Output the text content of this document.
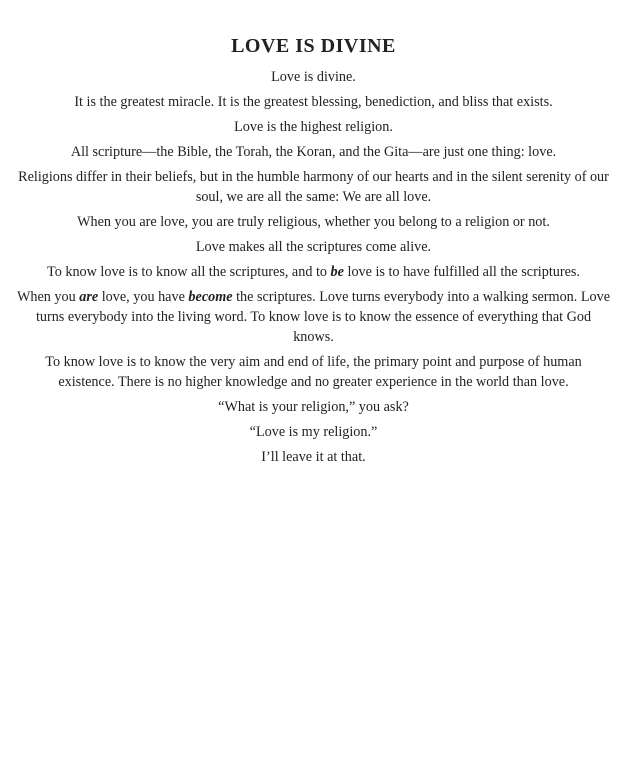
LOVE IS DIVINE

Love is divine.

It is the greatest miracle. It is the greatest blessing, benediction, and bliss that exists.

Love is the highest religion.

All scripture—the Bible, the Torah, the Koran, and the Gita—are just one thing: love.

Religions differ in their beliefs, but in the humble harmony of our hearts and in the silent serenity of our soul, we are all the same: We are all love.

When you are love, you are truly religious, whether you belong to a religion or not.

Love makes all the scriptures come alive.

To know love is to know all the scriptures, and to be love is to have fulfilled all the scriptures.

When you are love, you have become the scriptures. Love turns everybody into a walking sermon. Love turns everybody into the living word. To know love is to know the essence of everything that God knows.

To know love is to know the very aim and end of life, the primary point and purpose of human existence. There is no higher knowledge and no greater experience in the world than love.

“What is your religion,” you ask?

“Love is my religion.”

I’ll leave it at that.
